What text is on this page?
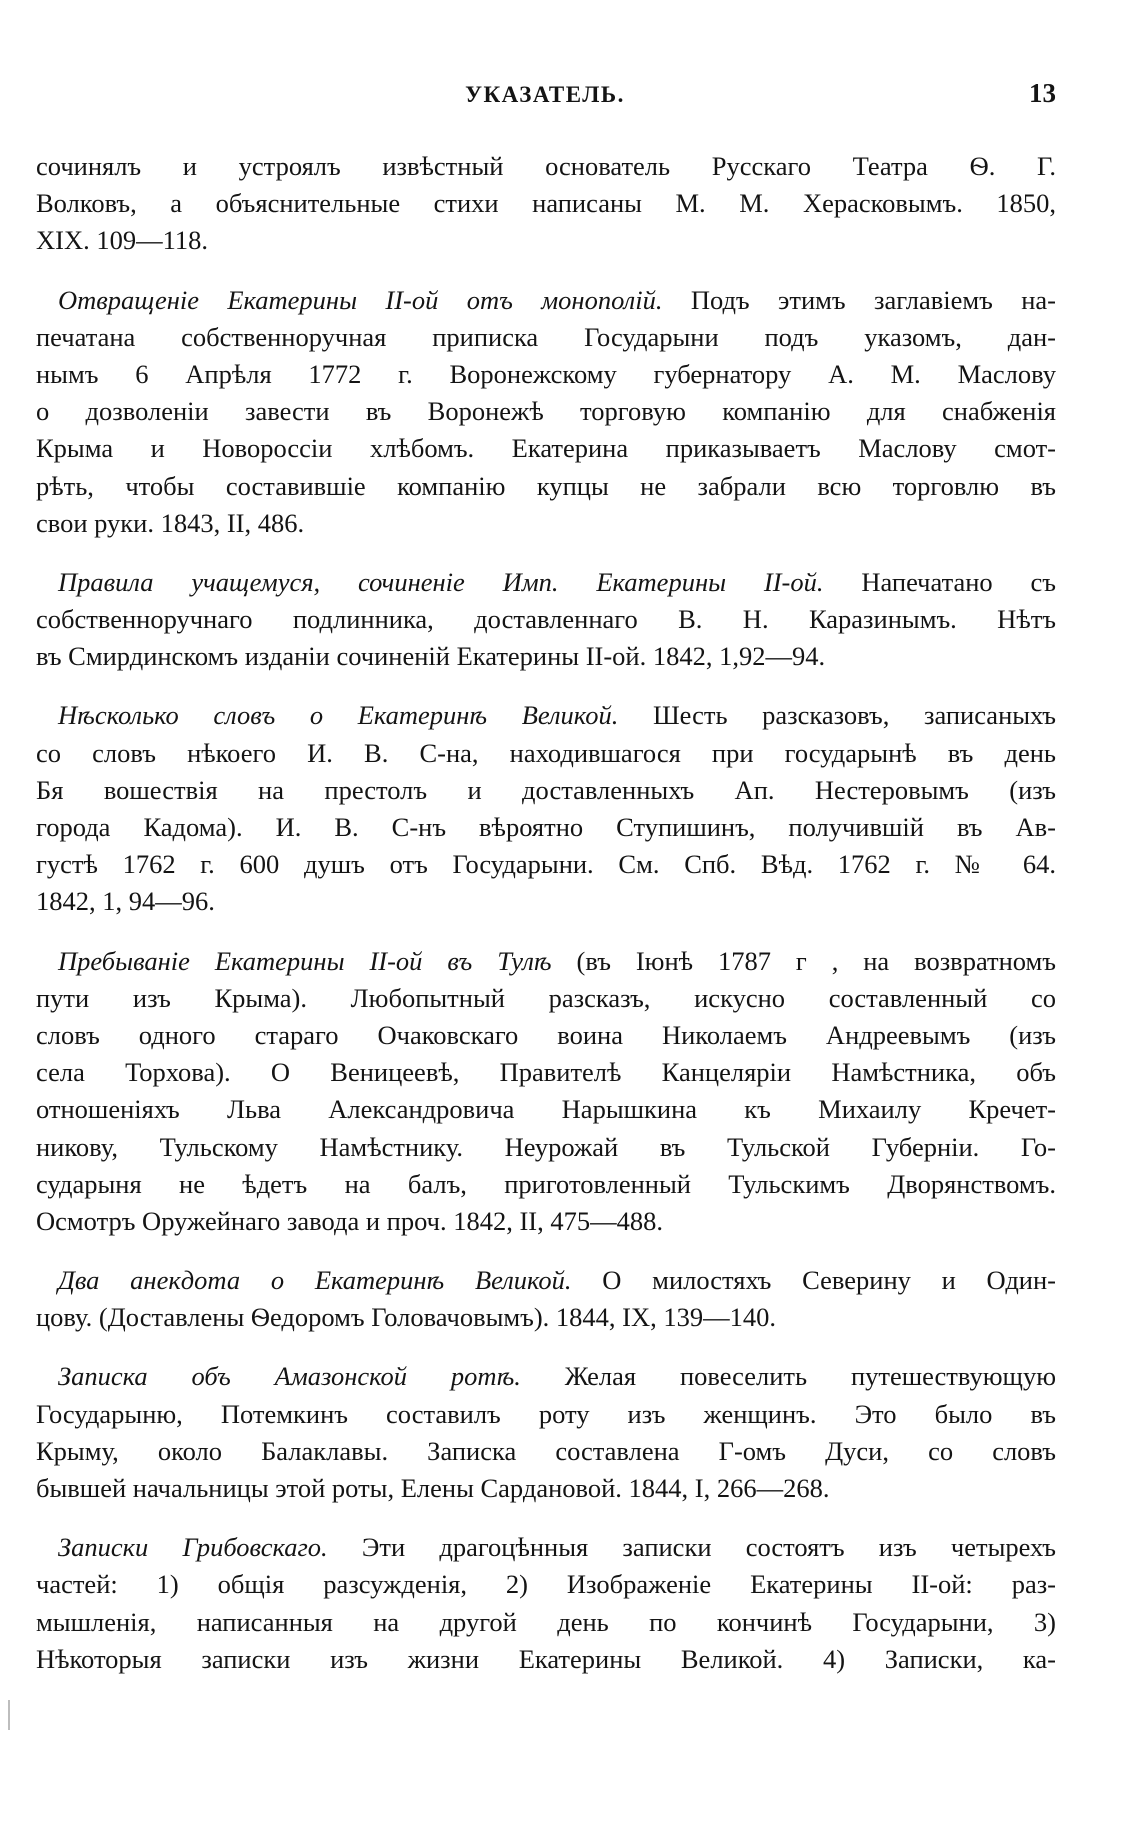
УКАЗАТЕЛЬ.	13
сочинялъ и устроялъ извѣстный основатель Русскаго Театра Ѳ. Г.
Волковъ, а объяснительные стихи написаны М. М. Херасковымъ. 1850,
XIX. 109—118.
Отвращеніе Екатерины II-ой отъ монополій. Подъ этимъ заглавіемъ на-
печатана собственноручная приписка Государыни подъ указомъ, дан-
нымъ 6 Апрѣля 1772 г. Воронежскому губернатору А. М. Маслову
о дозволеніи завести въ Воронежѣ торговую компанію для снабженія
Крыма и Новороссіи хлѣбомъ. Екатерина приказываетъ Маслову смот-
рѣть, чтобы составившіе компанію купцы не забрали всю торговлю въ
свои руки. 1843, II, 486.
Правила учащемуся, сочиненіе Имп. Екатерины II-ой. Напечатано съ
собственноручнаго подлинника, доставленнаго В. Н. Каразинымъ. Нѣтъ
въ Смирдинскомъ изданіи сочиненій Екатерины II-ой. 1842, 1,92—94.
Нѣсколько словъ о Екатеринѣ Великой. Шесть разсказовъ, записаныхъ
со словъ нѣкоего И. В. С-на, находившагося при государынѣ въ день
Бя вошествія на престолъ и доставленныхъ Ап. Нестеровымъ (изъ
города Кадома). И. В. С-нъ вѣроятно Ступишинъ, получившій въ Ав-
густѣ 1762 г. 600 душъ отъ Государыни. См. Спб. Вѣд. 1762 г. № 64.
1842, 1, 94—96.
Пребываніе Екатерины II-ой въ Тулѣ (въ Іюнѣ 1787 г , на возвратномъ
пути изъ Крыма). Любопытный разсказъ, искусно составленный со
словъ одного стараго Очаковскаго воина Николаемъ Андреевымъ (изъ
села Торхова). О Веницеевѣ, Правителѣ Канцеляріи Намѣстника, объ
отношеніяхъ Льва Александровича Нарышкина къ Михаилу Кречет-
никову, Тульскому Намѣстнику. Неурожай въ Тульской Губерніи. Го-
сударыня не ѣдетъ на балъ, приготовленный Тульскимъ Дворянствомъ.
Осмотръ Оружейнаго завода и проч. 1842, II, 475—488.
Два анекдота о Екатеринѣ Великой. О милостяхъ Северину и Один-
цову. (Доставлены Ѳедоромъ Головачовымъ). 1844, IX, 139—140.
Записка объ Амазонской ротѣ. Желая повеселить путешествующую
Государыню, Потемкинъ составилъ роту изъ женщинъ. Это было въ
Крыму, около Балаклавы. Записка составлена Г-омъ Дуси, со словъ
бывшей начальницы этой роты, Елены Сардановой. 1844, I, 266—268.
Записки Грибовскаго. Эти драгоцѣнныя записки состоятъ изъ четырехъ
частей: 1) общія разсужденія, 2) Изображеніе Екатерины II-ой: раз-
мышленія, написанныя на другой день по кончинѣ Государыни, 3)
Нѣкоторыя записки изъ жизни Екатерины Великой. 4) Записки, ка-
